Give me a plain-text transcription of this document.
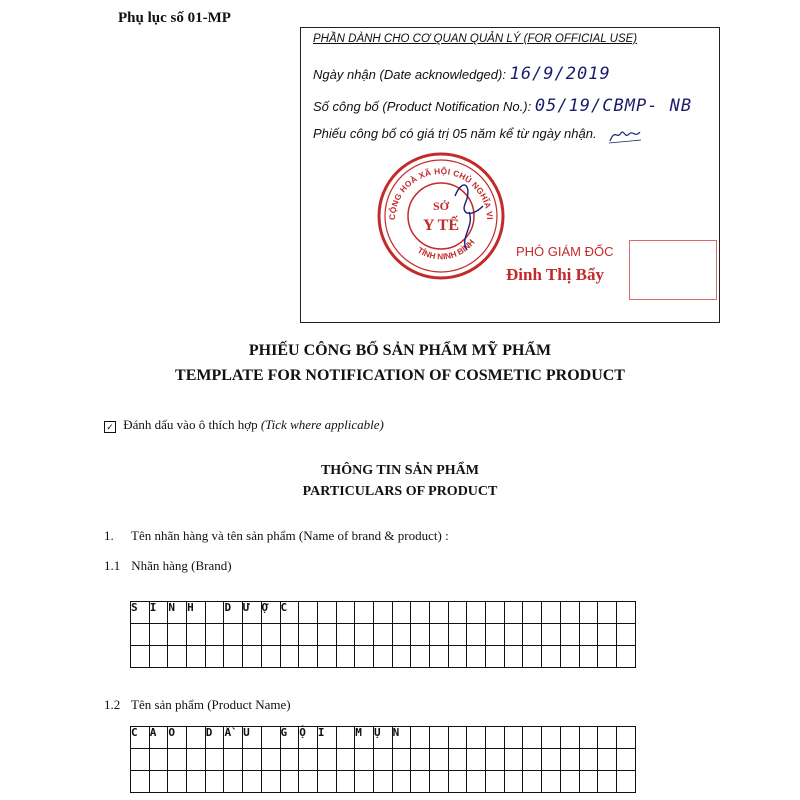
Phụ lục số 01-MP
PHẦN DÀNH CHO CƠ QUAN QUẢN LÝ (FOR OFFICIAL USE)
Ngày nhận (Date acknowledged): 16/9/2019
Số công bố (Product Notification No.): 05/19/CBMP- NB
Phiếu công bố có giá trị 05 năm kể từ ngày nhận.
CỘNG HOÀ XÃ HỘI CHỦ NGHĨA VI
TỈNH NINH BÌNH
SỞ
Y TẾ
PHÓ GIÁM ĐỐC
Đinh Thị Bẩy
PHIẾU CÔNG BỐ SẢN PHẨM MỸ PHẨM
TEMPLATE FOR NOTIFICATION OF COSMETIC PRODUCT
✓ Đánh dấu vào ô thích hợp (Tick where applicable)
THÔNG TIN SẢN PHẨM
PARTICULARS OF PRODUCT
1. Tên nhãn hàng và tên sản phẩm (Name of brand & product) :
1.1 Nhãn hàng (Brand)
S	I	N	H		D	Ư	Ợ	C																		

1.2 Tên sản phẩm (Product Name)
C	A	O		D	Ầ	U		G	Ộ	I		M	Ụ	N												
